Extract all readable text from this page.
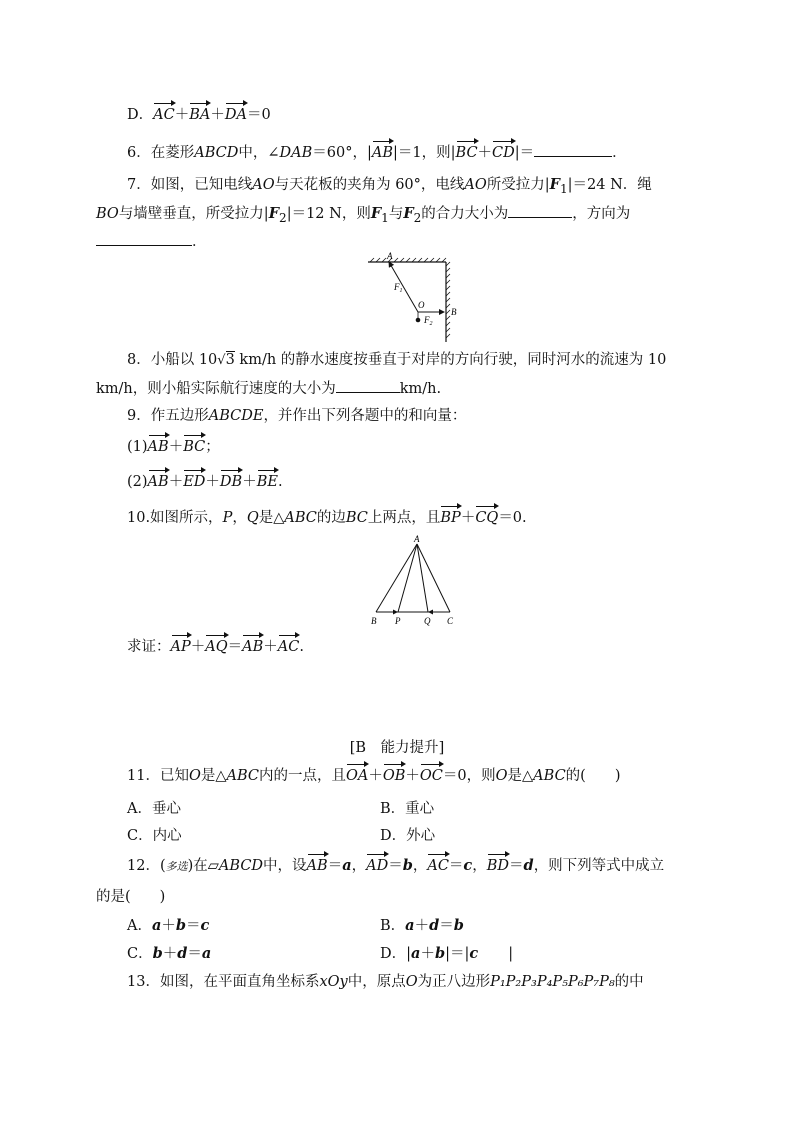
D．AC＋BA＋DA＝0
6．在菱形ABCD中，∠DAB＝60°，|AB|＝1，则|BC＋CD|＝	．
7．如图，已知电线AO与天花板的夹角为 60°，电线AO所受拉力$|F_1|=24$ N．绳
BO与墙壁垂直，所受拉力$|F_2|=12$ N，则$F_1$与$F_2$的合力大小为	，方向为
．
A
$F_1$
O
$F_2$
B
8．小船以 10√3 km/h 的静水速度按垂直于对岸的方向行驶，同时河水的流速为 10
km/h，则小船实际航行速度的大小为	km/h.
9．作五边形ABCDE，并作出下列各题中的和向量：
(1)AB＋BC；
(2)AB＋ED＋DB＋BE.
10.如图所示，P，Q是△ABC的边BC上两点，且BP＋CQ＝0.
A
B P	Q C
求证：AP＋AQ＝AB＋AC.
[B　能力提升]
11．已知O是△ABC内的一点，且OA＋OB＋OC＝0，则O是△ABC的(　　)
A．垂心	B．重心
C．内心	D．外心
12．(多选)在▱ABCD中，设AB＝a，AD＝b，AC＝c，BD＝d，则下列等式中成立
的是(　　)
A．a＋b＝c	B．a＋d＝b
C．b＋d＝a	D．|a＋b|＝|c |
13．如图，在平面直角坐标系xOy中，原点O为正八边形P₁P₂P₃P₄P₅P₆P₇P₈的中
